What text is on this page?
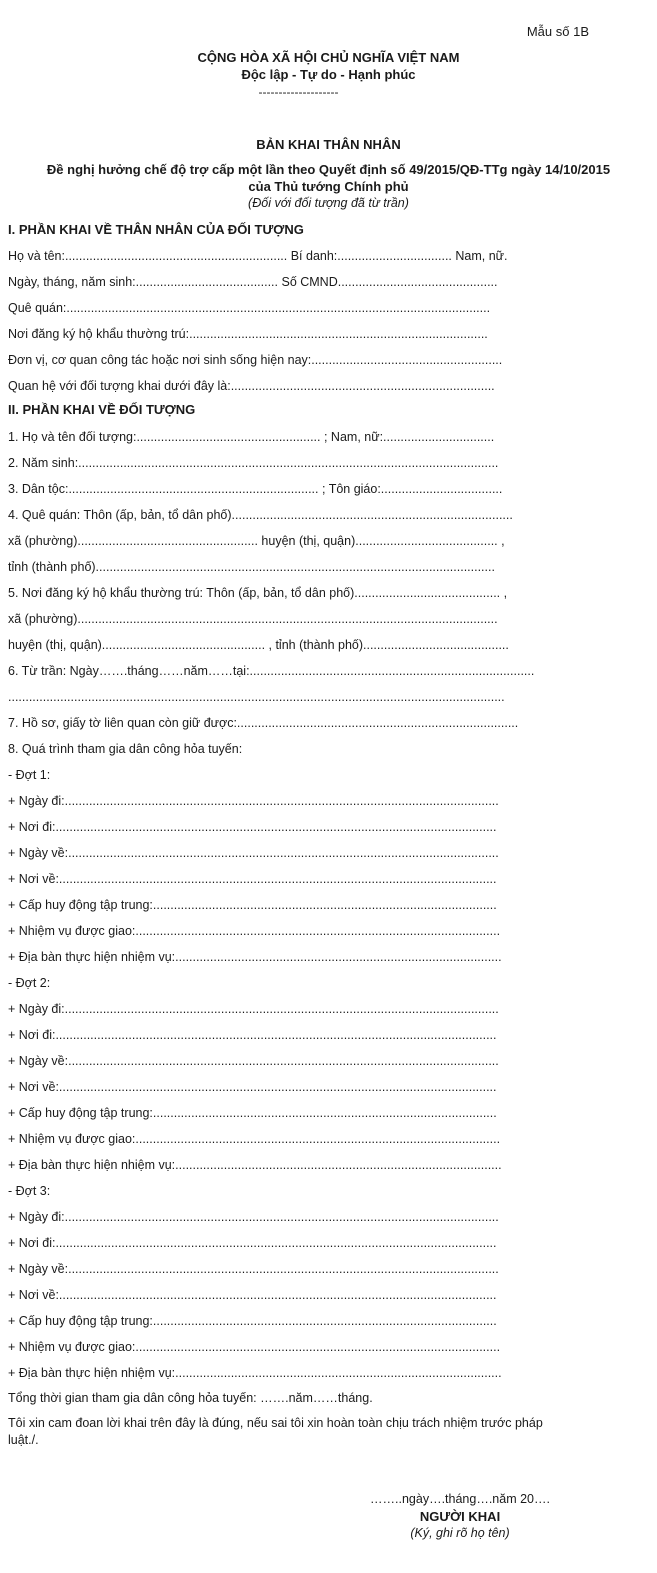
Mẫu số 1B
CỘNG HÒA XÃ HỘI CHỦ NGHĨA VIỆT NAM
Độc lập - Tự do - Hạnh phúc
--------------------
BẢN KHAI THÂN NHÂN
Đề nghị hưởng chế độ trợ cấp một lần theo Quyết định số 49/2015/QĐ-TTg ngày 14/10/2015
của Thủ tướng Chính phủ
(Đối với đối tượng đã từ trần)
I. PHẦN KHAI VỀ THÂN NHÂN CỦA ĐỐI TƯỢNG
Họ và tên:................................................................ Bí danh:................................. Nam, nữ.
Ngày, tháng, năm sinh:......................................... Số CMND..............................................
Quê quán:..........................................................................................................................
Nơi đăng ký hộ khẩu thường trú:......................................................................................
Đơn vị, cơ quan công tác hoặc nơi sinh sống hiện nay:.......................................................
Quan hệ với đối tượng khai dưới đây là:............................................................................
II. PHẦN KHAI VỀ ĐỐI TƯỢNG
1. Họ và tên đối tượng:..................................................... ; Nam, nữ:................................
2. Năm sinh:.........................................................................................................................
3. Dân tộc:........................................................................ ; Tôn giáo:...................................
4. Quê quán: Thôn (ấp, bản, tổ dân phố).................................................................................
xã (phường).................................................... huyện (thị, quận)......................................... ,
tỉnh (thành phố)...................................................................................................................
5. Nơi đăng ký hộ khẩu thường trú: Thôn (ấp, bản, tổ dân phố).......................................... ,
xã (phường).........................................................................................................................
huyện (thị, quận)............................................... , tỉnh (thành phố)..........................................
6. Từ trần: Ngày…….tháng……năm……tại:..................................................................................
...............................................................................................................................................
7. Hồ sơ, giấy tờ liên quan còn giữ được:.................................................................................
8. Quá trình tham gia dân công hỏa tuyến:
- Đợt 1:
+ Ngày đi:.............................................................................................................................
+ Nơi đi:...............................................................................................................................
+ Ngày về:............................................................................................................................
+ Nơi về:..............................................................................................................................
+ Cấp huy động tập trung:...................................................................................................
+ Nhiệm vụ được giao:.........................................................................................................
+ Địa bàn thực hiện nhiệm vụ:..............................................................................................
- Đợt 2:
+ Ngày đi:.............................................................................................................................
+ Nơi đi:...............................................................................................................................
+ Ngày về:............................................................................................................................
+ Nơi về:..............................................................................................................................
+ Cấp huy động tập trung:...................................................................................................
+ Nhiệm vụ được giao:.........................................................................................................
+ Địa bàn thực hiện nhiệm vụ:..............................................................................................
- Đợt 3:
+ Ngày đi:.............................................................................................................................
+ Nơi đi:...............................................................................................................................
+ Ngày về:............................................................................................................................
+ Nơi về:..............................................................................................................................
+ Cấp huy động tập trung:...................................................................................................
+ Nhiệm vụ được giao:.........................................................................................................
+ Địa bàn thực hiện nhiệm vụ:..............................................................................................
Tổng thời gian tham gia dân công hỏa tuyến: …….năm……tháng.
Tôi xin cam đoan lời khai trên đây là đúng, nếu sai tôi xin hoàn toàn chịu trách nhiệm trước pháp
luật./.
……..ngày….tháng….năm 20….
NGƯỜI KHAI
(Ký, ghi rõ họ tên)
